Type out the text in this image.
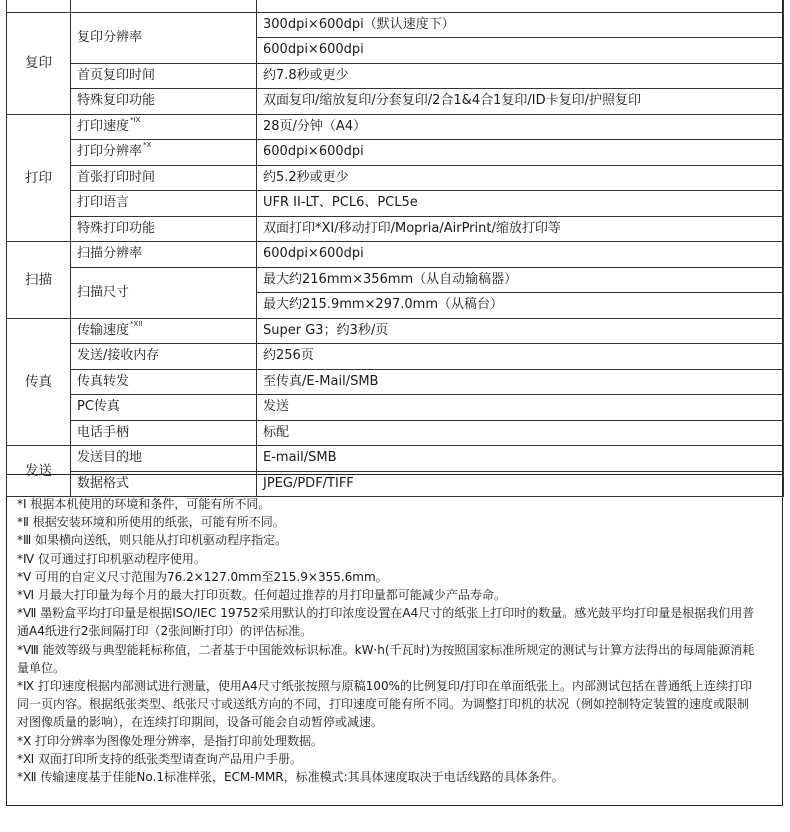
复印	复印分辨率	300dpi×600dpi（默认速度下）
		600dpi×600dpi
	首页复印时间	约7.8秒或更少
	特殊复印功能	双面复印/缩放复印/分套复印/2合1&4合1复印/ID卡复印/护照复印
打印	打印速度$^{*IX}$	28页/分钟（A4）
	打印分辨率$^{*X}$	600dpi×600dpi
	首张打印时间	约5.2秒或更少
	打印语言	UFR II-LT、PCL6、PCL5e
	特殊打印功能	双面打印*XI/移动打印/Mopria/AirPrint/缩放打印等
扫描	扫描分辨率	600dpi×600dpi
	扫描尺寸	最大约216mm×356mm（从自动输稿器）
		最大约215.9mm×297.0mm（从稿台）
传真	传输速度$^{*XII}$	Super G3；约3秒/页
	发送/接收内存	约256页
	传真转发	至传真/E-Mail/SMB
	PC传真	发送
	电话手柄	标配
发送	发送目的地	E-mail/SMB
	数据格式	JPEG/PDF/TIFF

*Ⅰ 根据本机使用的环境和条件，可能有所不同。

*Ⅱ 根据安装环境和所使用的纸张，可能有所不同。

*Ⅲ 如果横向送纸，则只能从打印机驱动程序指定。

*Ⅳ 仅可通过打印机驱动程序使用。

*Ⅴ 可用的自定义尺寸范围为76.2×127.0mm至215.9×355.6mm。

*Ⅵ 月最大打印量为每个月的最大打印页数。任何超过推荐的月打印量都可能减少产品寿命。

*Ⅶ 墨粉盒平均打印量是根据ISO/IEC 19752采用默认的打印浓度设置在A4尺寸的纸张上打印时的数量。感光鼓平均打印量是根据我们用普通A4纸进行2张间隔打印（2张间断打印）的评估标准。

*Ⅷ 能效等级与典型能耗标称值，二者基于中国能效标识标准。kW·h(千瓦时)为按照国家标准所规定的测试与计算方法得出的每周能源消耗量单位。

*Ⅸ 打印速度根据内部测试进行测量，使用A4尺寸纸张按照与原稿100%的比例复印/打印在单面纸张上。内部测试包括在普通纸上连续打印同一页内容。根据纸张类型、纸张尺寸或送纸方向的不同，打印速度可能有所不同。为调整打印机的状况（例如控制特定装置的速度或限制对图像质量的影响），在连续打印期间，设备可能会自动暂停或减速。

*Ⅹ 打印分辨率为图像处理分辨率，是指打印前处理数据。

*Ⅺ 双面打印所支持的纸张类型请查询产品用户手册。

*Ⅻ 传输速度基于佳能No.1标准样张，ECM-MMR，标准模式:其具体速度取决于电话线路的具体条件。
